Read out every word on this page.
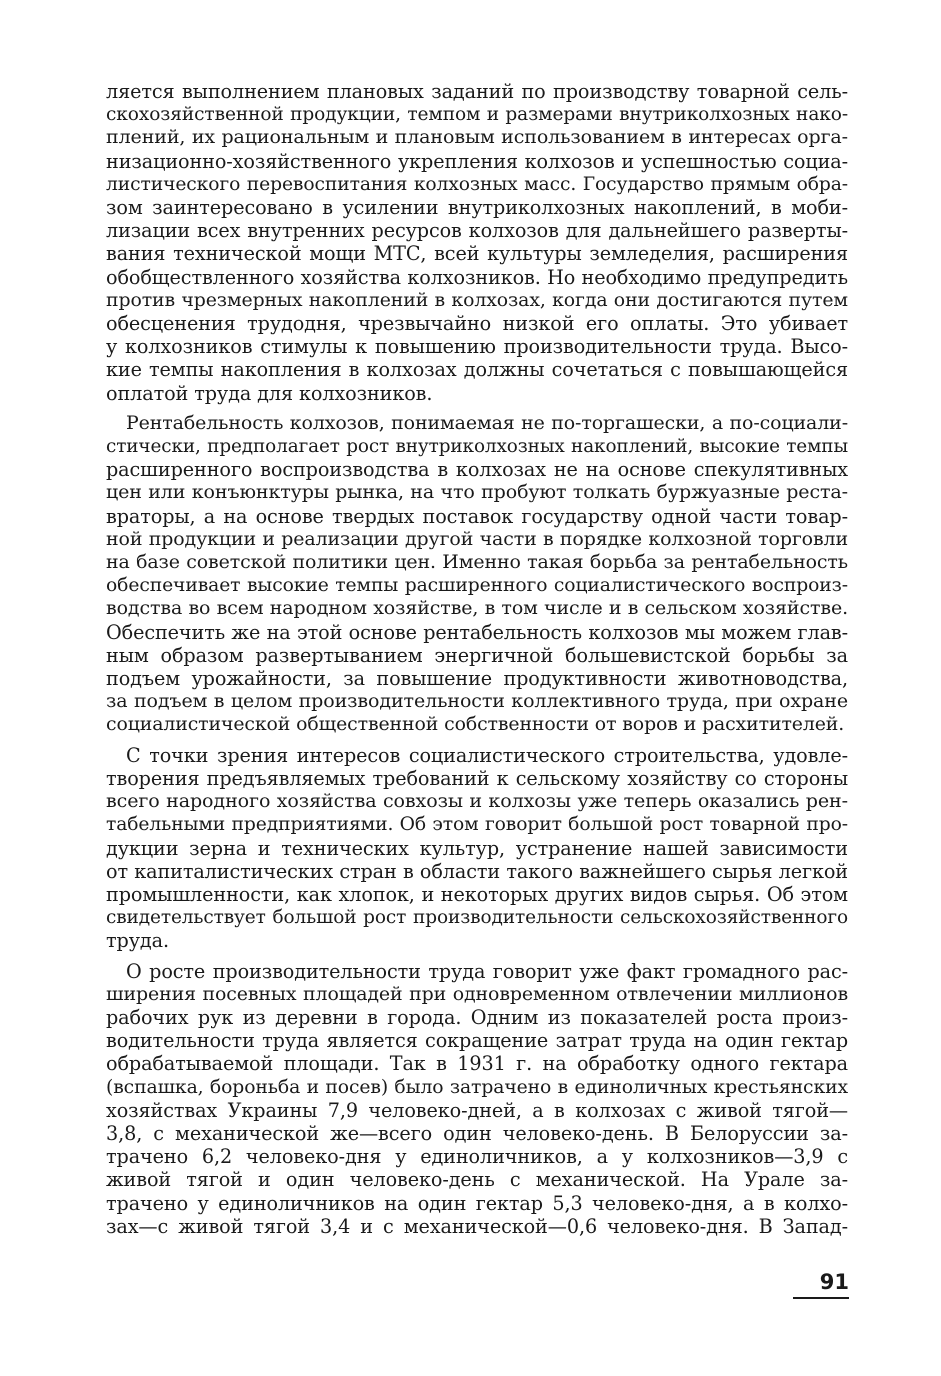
ляется выполнением плановых заданий по производству товарной сель-
скохозяйственной продукции, темпом и размерами внутриколхозных нако-
плений, их рациональным и плановым использованием в интересах орга-
низационно-хозяйственного укрепления колхозов и успешностью социа-
листического перевоспитания колхозных масс. Государство прямым обра-
зом заинтересовано в усилении внутриколхозных накоплений, в моби-
лизации всех внутренних ресурсов колхозов для дальнейшего разверты-
вания технической мощи МТС, всей культуры земледелия, расширения
обобществленного хозяйства колхозников. Но необходимо предупредить
против чрезмерных накоплений в колхозах, когда они достигаются путем
обесценения трудодня, чрезвычайно низкой его оплаты. Это убивает
у колхозников стимулы к повышению производительности труда. Высо-
кие темпы накопления в колхозах должны сочетаться с повышающейся
оплатой труда для колхозников.
Рентабельность колхозов, понимаемая не по-торгашески, а по-социали-
стически, предполагает рост внутриколхозных накоплений, высокие темпы
расширенного воспроизводства в колхозах не на основе спекулятивных
цен или конъюнктуры рынка, на что пробуют толкать буржуазные реста-
враторы, а на основе твердых поставок государству одной части товар-
ной продукции и реализации другой части в порядке колхозной торговли
на базе советской политики цен. Именно такая борьба за рентабельность
обеспечивает высокие темпы расширенного социалистического воспроиз-
водства во всем народном хозяйстве, в том числе и в сельском хозяйстве.
Обеспечить же на этой основе рентабельность колхозов мы можем глав-
ным образом развертыванием энергичной большевистской борьбы за
подъем урожайности, за повышение продуктивности животноводства,
за подъем в целом производительности коллективного труда, при охране
социалистической общественной собственности от воров и расхитителей.
С точки зрения интересов социалистического строительства, удовле-
творения предъявляемых требований к сельскому хозяйству со стороны
всего народного хозяйства совхозы и колхозы уже теперь оказались рен-
табельными предприятиями. Об этом говорит большой рост товарной про-
дукции зерна и технических культур, устранение нашей зависимости
от капиталистических стран в области такого важнейшего сырья легкой
промышленности, как хлопок, и некоторых других видов сырья. Об этом
свидетельствует большой рост производительности сельскохозяйственного
труда.
О росте производительности труда говорит уже факт громадного рас-
ширения посевных площадей при одновременном отвлечении миллионов
рабочих рук из деревни в города. Одним из показателей роста произ-
водительности труда является сокращение затрат труда на один гектар
обрабатываемой площади. Так в 1931 г. на обработку одного гектара
(вспашка, бороньба и посев) было затрачено в единоличных крестьянских
хозяйствах Украины 7,9 человеко-дней, а в колхозах с живой тягой—
3,8, с механической же—всего один человеко-день. В Белоруссии за-
трачено 6,2 человеко-дня у единоличников, а у колхозников—3,9 с
живой тягой и один человеко-день с механической. На Урале за-
трачено у единоличников на один гектар 5,3 человеко-дня, а в колхо-
зах—с живой тягой 3,4 и с механической—0,6 человеко-дня. В Запад-
91
